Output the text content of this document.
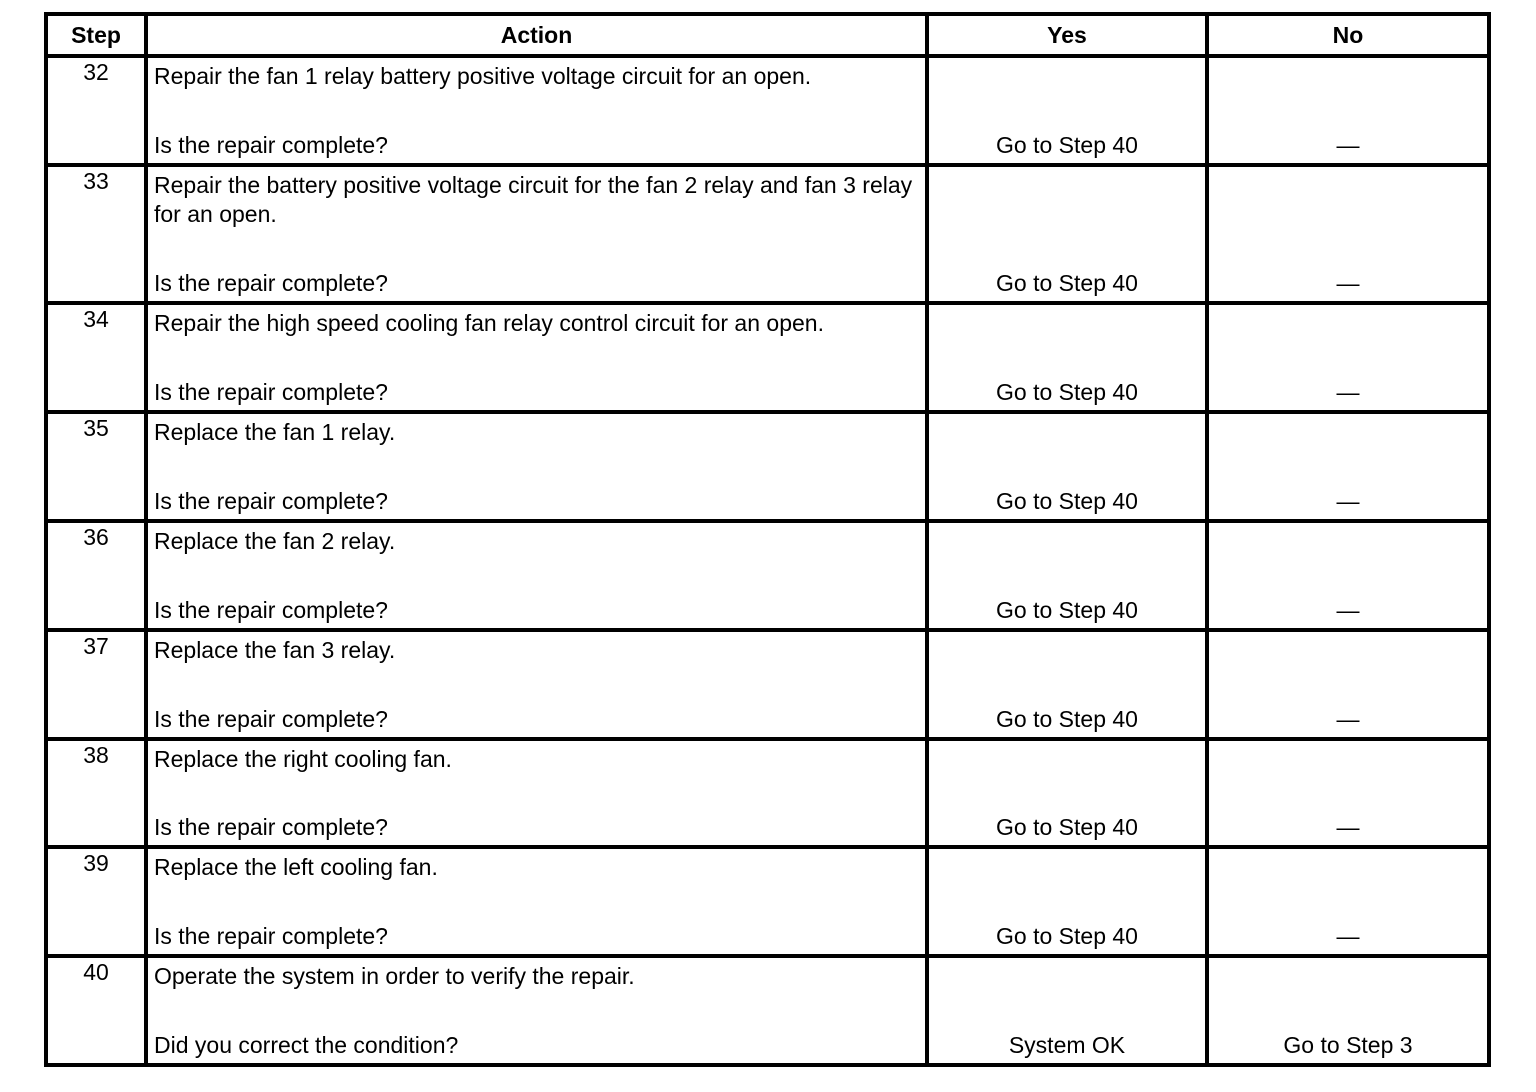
Step	Action	Yes	No
32	Repair the fan 1 relay battery positive voltage circuit for an open.
Is the repair complete?	Go to Step 40	—

33	Repair the battery positive voltage circuit for the fan 2 relay and fan 3 relay for an open.
Is the repair complete?	Go to Step 40	—

34	Repair the high speed cooling fan relay control circuit for an open.
Is the repair complete?	Go to Step 40	—

35	Replace the fan 1 relay.
Is the repair complete?	Go to Step 40	—

36	Replace the fan 2 relay.
Is the repair complete?	Go to Step 40	—

37	Replace the fan 3 relay.
Is the repair complete?	Go to Step 40	—

38	Replace the right cooling fan.
Is the repair complete?	Go to Step 40	—

39	Replace the left cooling fan.
Is the repair complete?	Go to Step 40	—

40	Operate the system in order to verify the repair.
Did you correct the condition?	System OK	Go to Step 3
